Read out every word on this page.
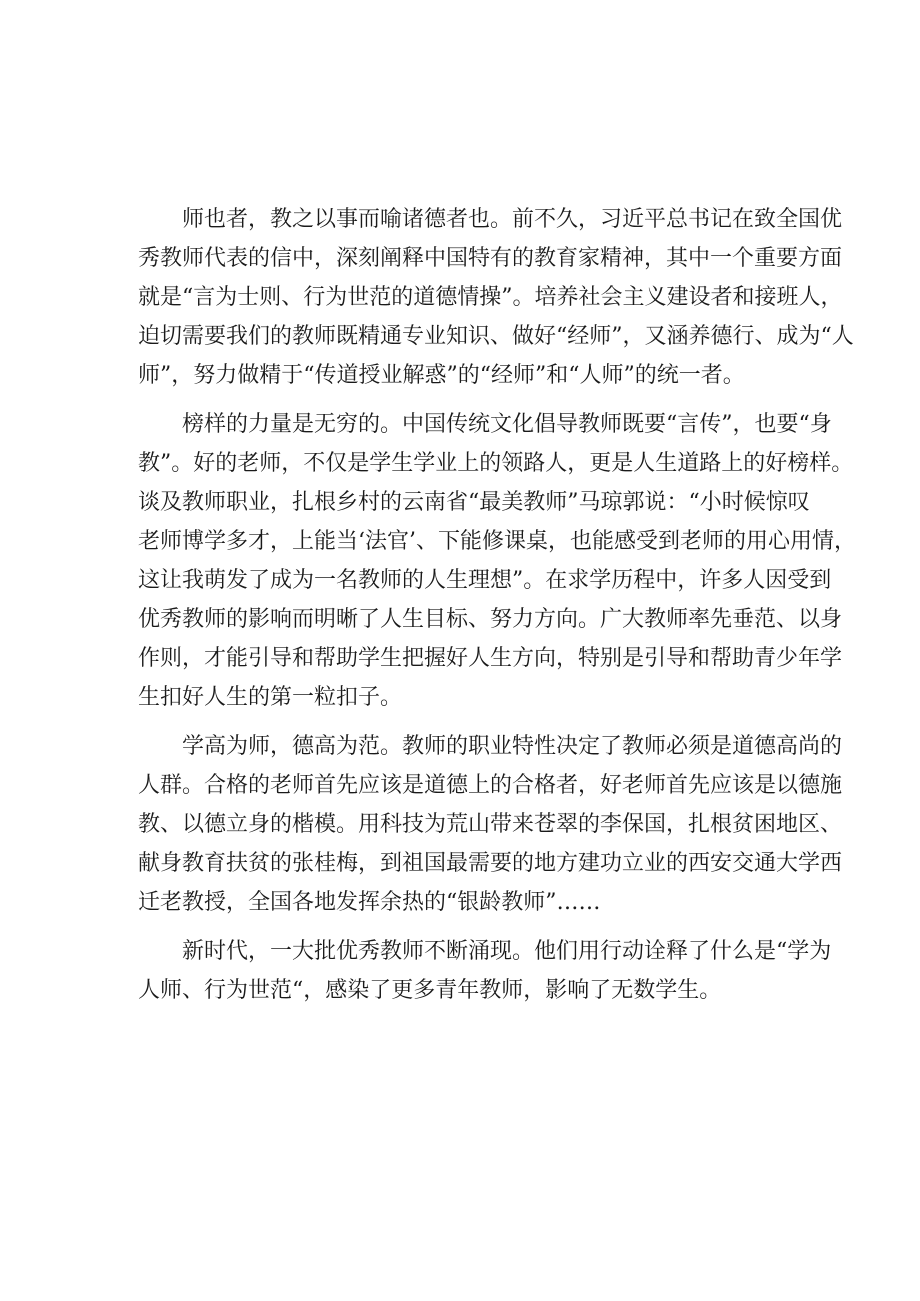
　　师也者，教之以事而喻诸德者也。前不久，习近平总书记在致全国优
秀教师代表的信中，深刻阐释中国特有的教育家精神，其中一个重要方面
就是“言为士则、行为世范的道德情操”。培养社会主义建设者和接班人，
迫切需要我们的教师既精通专业知识、做好“经师”，又涵养德行、成为“人
师”，努力做精于“传道授业解惑”的“经师”和“人师”的统一者。
　　榜样的力量是无穷的。中国传统文化倡导教师既要“言传”，也要“身
教”。好的老师，不仅是学生学业上的领路人，更是人生道路上的好榜样。
谈及教师职业，扎根乡村的云南省“最美教师”马琼郭说：“小时候惊叹
老师博学多才，上能当‘法官’、下能修课桌，也能感受到老师的用心用情，
这让我萌发了成为一名教师的人生理想”。在求学历程中，许多人因受到
优秀教师的影响而明晰了人生目标、努力方向。广大教师率先垂范、以身
作则，才能引导和帮助学生把握好人生方向，特别是引导和帮助青少年学
生扣好人生的第一粒扣子。
　　学高为师，德高为范。教师的职业特性决定了教师必须是道德高尚的
人群。合格的老师首先应该是道德上的合格者，好老师首先应该是以德施
教、以德立身的楷模。用科技为荒山带来苍翠的李保国，扎根贫困地区、
献身教育扶贫的张桂梅，到祖国最需要的地方建功立业的西安交通大学西
迁老教授，全国各地发挥余热的“银龄教师”……
　　新时代，一大批优秀教师不断涌现。他们用行动诠释了什么是“学为
人师、行为世范“，感染了更多青年教师，影响了无数学生。
